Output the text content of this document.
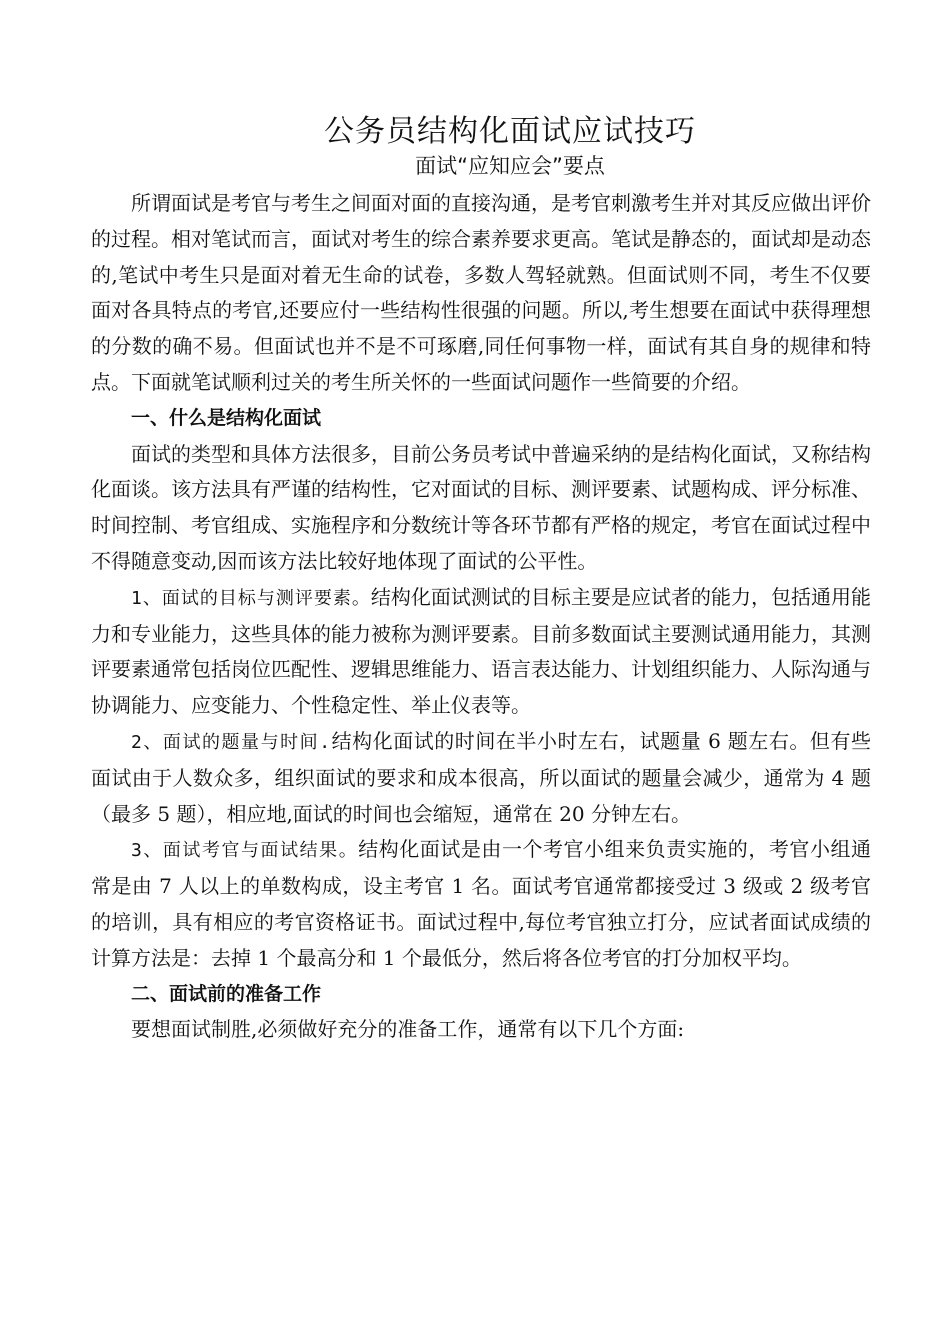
公务员结构化面试应试技巧
面试“应知应会”要点

所谓面试是考官与考生之间面对面的直接沟通，是考官刺激考生并对其反应做出评价的过程。相对笔试而言，面试对考生的综合素养要求更高。笔试是静态的，面试却是动态的,笔试中考生只是面对着无生命的试卷，多数人驾轻就熟。但面试则不同，考生不仅要面对各具特点的考官,还要应付一些结构性很强的问题。所以,考生想要在面试中获得理想的分数的确不易。但面试也并不是不可琢磨,同任何事物一样，面试有其自身的规律和特点。下面就笔试顺利过关的考生所关怀的一些面试问题作一些简要的介绍。

一、什么是结构化面试

面试的类型和具体方法很多，目前公务员考试中普遍采纳的是结构化面试，又称结构化面谈。该方法具有严谨的结构性，它对面试的目标、测评要素、试题构成、评分标准、时间控制、考官组成、实施程序和分数统计等各环节都有严格的规定，考官在面试过程中不得随意变动,因而该方法比较好地体现了面试的公平性。

1、面试的目标与测评要素。结构化面试测试的目标主要是应试者的能力，包括通用能力和专业能力，这些具体的能力被称为测评要素。目前多数面试主要测试通用能力，其测评要素通常包括岗位匹配性、逻辑思维能力、语言表达能力、计划组织能力、人际沟通与协调能力、应变能力、个性稳定性、举止仪表等。

2、面试的题量与时间.结构化面试的时间在半小时左右，试题量 6 题左右。但有些面试由于人数众多，组织面试的要求和成本很高，所以面试的题量会减少，通常为 4 题（最多 5 题），相应地,面试的时间也会缩短，通常在 20 分钟左右。

3、面试考官与面试结果。结构化面试是由一个考官小组来负责实施的，考官小组通常是由 7 人以上的单数构成，设主考官 1 名。面试考官通常都接受过 3 级或 2 级考官的培训，具有相应的考官资格证书。面试过程中,每位考官独立打分，应试者面试成绩的计算方法是：去掉 1 个最高分和 1 个最低分，然后将各位考官的打分加权平均。

二、面试前的准备工作

要想面试制胜,必须做好充分的准备工作，通常有以下几个方面:
